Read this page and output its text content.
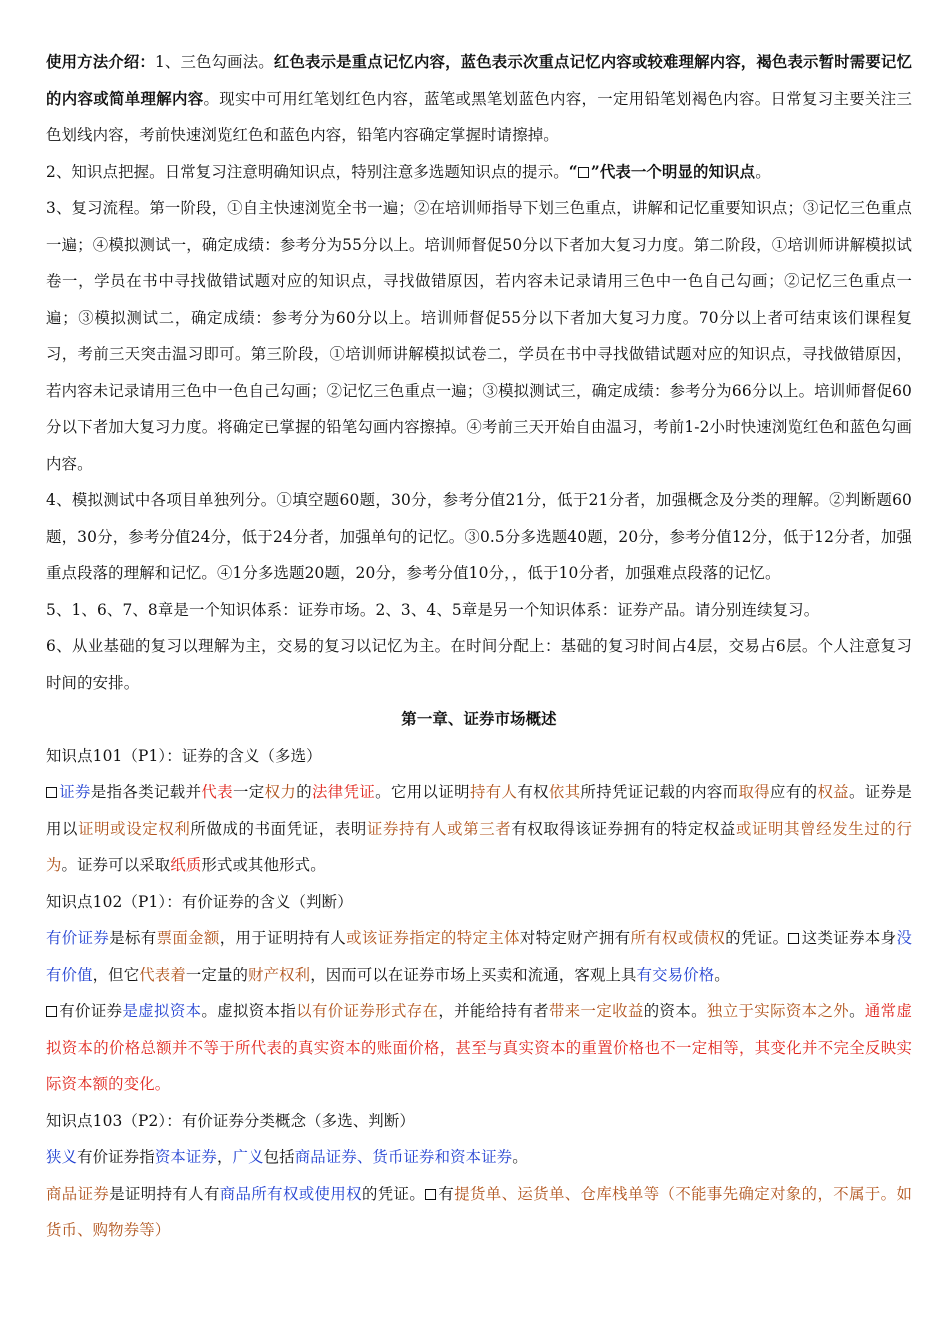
使用方法介绍：1、三色勾画法。红色表示是重点记忆内容，蓝色表示次重点记忆内容或较难理解内容，褐色表示暂时需要记忆的内容或简单理解内容。现实中可用红笔划红色内容，蓝笔或黑笔划蓝色内容，一定用铅笔划褐色内容。日常复习主要关注三色划线内容，考前快速浏览红色和蓝色内容，铅笔内容确定掌握时请擦掉。

2、知识点把握。日常复习注意明确知识点，特别注意多选题知识点的提示。“ ”代表一个明显的知识点。

3、复习流程。第一阶段，①自主快速浏览全书一遍；②在培训师指导下划三色重点，讲解和记忆重要知识点；③记忆三色重点一遍；④模拟测试一，确定成绩：参考分为55分以上。培训师督促50分以下者加大复习力度。第二阶段，①培训师讲解模拟试卷一，学员在书中寻找做错试题对应的知识点，寻找做错原因，若内容未记录请用三色中一色自己勾画；②记忆三色重点一遍；③模拟测试二，确定成绩：参考分为60分以上。培训师督促55分以下者加大复习力度。70分以上者可结束该们课程复习，考前三天突击温习即可。第三阶段，①培训师讲解模拟试卷二，学员在书中寻找做错试题对应的知识点，寻找做错原因，若内容未记录请用三色中一色自己勾画；②记忆三色重点一遍；③模拟测试三，确定成绩：参考分为66分以上。培训师督促60分以下者加大复习力度。将确定已掌握的铅笔勾画内容擦掉。④考前三天开始自由温习，考前1-2小时快速浏览红色和蓝色勾画内容。

4、模拟测试中各项目单独列分。①填空题60题，30分，参考分值21分，低于21分者，加强概念及分类的理解。②判断题60题，30分，参考分值24分，低于24分者，加强单句的记忆。③0.5分多选题40题，20分，参考分值12分，低于12分者，加强重点段落的理解和记忆。④1分多选题20题，20分，参考分值10分，，低于10分者，加强难点段落的记忆。

5、1、6、7、8章是一个知识体系：证券市场。2、3、4、5章是另一个知识体系：证券产品。请分别连续复习。

6、从业基础的复习以理解为主，交易的复习以记忆为主。在时间分配上：基础的复习时间占4层，交易占6层。个人注意复习时间的安排。

第一章、证券市场概述

知识点101（P1）：证券的含义（多选）

证券是指各类记载并代表一定权力的法律凭证。它用以证明持有人有权依其所持凭证记载的内容而取得应有的权益。证券是用以证明或设定权利所做成的书面凭证，表明证券持有人或第三者有权取得该证券拥有的特定权益或证明其曾经发生过的行为。证券可以采取纸质形式或其他形式。

知识点102（P1）：有价证券的含义（判断）

有价证券是标有票面金额，用于证明持有人或该证券指定的特定主体对特定财产拥有所有权或债权的凭证。 这类证券本身没有价值，但它代表着一定量的财产权利，因而可以在证券市场上买卖和流通，客观上具有交易价格。

有价证券是虚拟资本。虚拟资本指以有价证券形式存在，并能给持有者带来一定收益的资本。独立于实际资本之外。通常虚拟资本的价格总额并不等于所代表的真实资本的账面价格，甚至与真实资本的重置价格也不一定相等，其变化并不完全反映实际资本额的变化。

知识点103（P2）：有价证券分类概念（多选、判断）

狭义有价证券指资本证券，广义包括商品证券、货币证券和资本证券。

商品证券是证明持有人有商品所有权或使用权的凭证。 有提货单、运货单、仓库栈单等（不能事先确定对象的，不属于。如货币、购物券等）
